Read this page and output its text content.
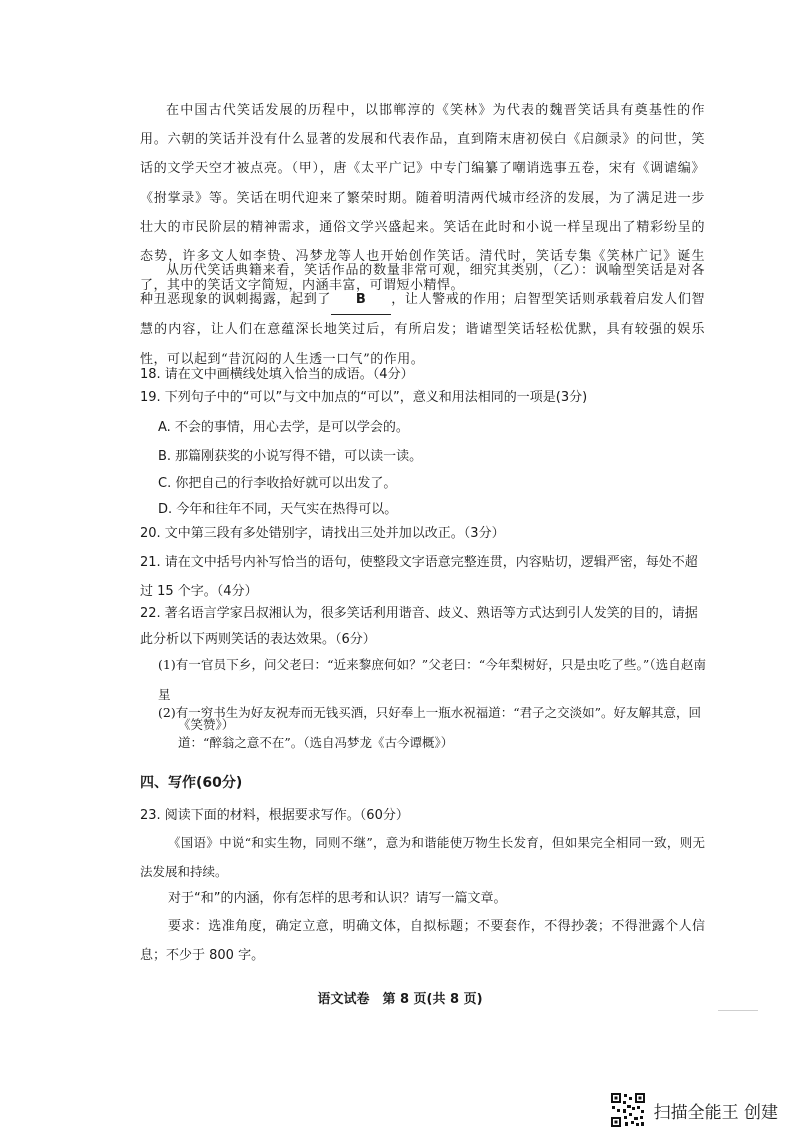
在中国古代笑话发展的历程中，以邯郸淳的《笑林》为代表的魏晋笑话具有奠基性的作用。六朝的笑话并没有什么显著的发展和代表作品，直到隋末唐初侯白《启颜录》的问世，笑话的文学天空才被点亮。（甲），唐《太平广记》中专门编纂了嘲诮选事五卷，宋有《调谑编》《拊掌录》等。笑话在明代迎来了繁荣时期。随着明清两代城市经济的发展，为了满足进一步壮大的市民阶层的精神需求，通俗文学兴盛起来。笑话在此时和小说一样呈现出了精彩纷呈的态势，许多文人如李贽、冯梦龙等人也开始创作笑话。清代时，笑话专集《笑林广记》诞生了，其中的笑话文字简短，内涵丰富，可谓短小精悍。
从历代笑话典籍来看，笑话作品的数量非常可观，细究其类别，（乙）：讽喻型笑话是对各种丑恶现象的讽刺揭露，起到了 B ，让人警戒的作用；启智型笑话则承载着启发人们智慧的内容，让人们在意蕴深长地笑过后，有所启发；谐谑型笑话轻松优默，具有较强的娱乐性，可以起到“昔沉闷的人生透一口气”的作用。
18. 请在文中画横线处填入恰当的成语。（4分）
19. 下列句子中的“可以”与文中加点的“可以”，意义和用法相同的一项是(3分)
A. 不会的事情，用心去学，是可以学会的。
B. 那篇刚获奖的小说写得不错，可以读一读。
C. 你把自己的行李收拾好就可以出发了。
D. 今年和往年不同，天气实在热得可以。
20. 文中第三段有多处错别字，请找出三处并加以改正。（3分）
21. 请在文中括号内补写恰当的语句，使整段文字语意完整连贯，内容贴切，逻辑严密，每处不超过 15 个字。（4分）
22. 著名语言学家吕叔湘认为，很多笑话利用谐音、歧义、熟语等方式达到引人发笑的目的，请据此分析以下两则笑话的表达效果。（6分）
(1)有一官员下乡，问父老曰：“近来黎庶何如？”父老曰：“今年梨树好，只是虫吃了些。”（选自赵南星
《笑赞》）
(2)有一穷书生为好友祝寿而无钱买酒，只好奉上一瓶水祝福道：“君子之交淡如”。好友解其意，回
道：“醉翁之意不在”。（选自冯梦龙《古今谭概》）
四、写作(60分)
23. 阅读下面的材料，根据要求写作。（60分）
《国语》中说“和实生物，同则不继”，意为和谐能使万物生长发育，但如果完全相同一致，则无法发展和持续。
对于“和”的内涵，你有怎样的思考和认识？请写一篇文章。
要求：选准角度，确定立意，明确文体，自拟标题；不要套作，不得抄袭；不得泄露个人信息；不少于 800 字。
语文试卷　第 8 页(共 8 页)
扫描全能王 创建
